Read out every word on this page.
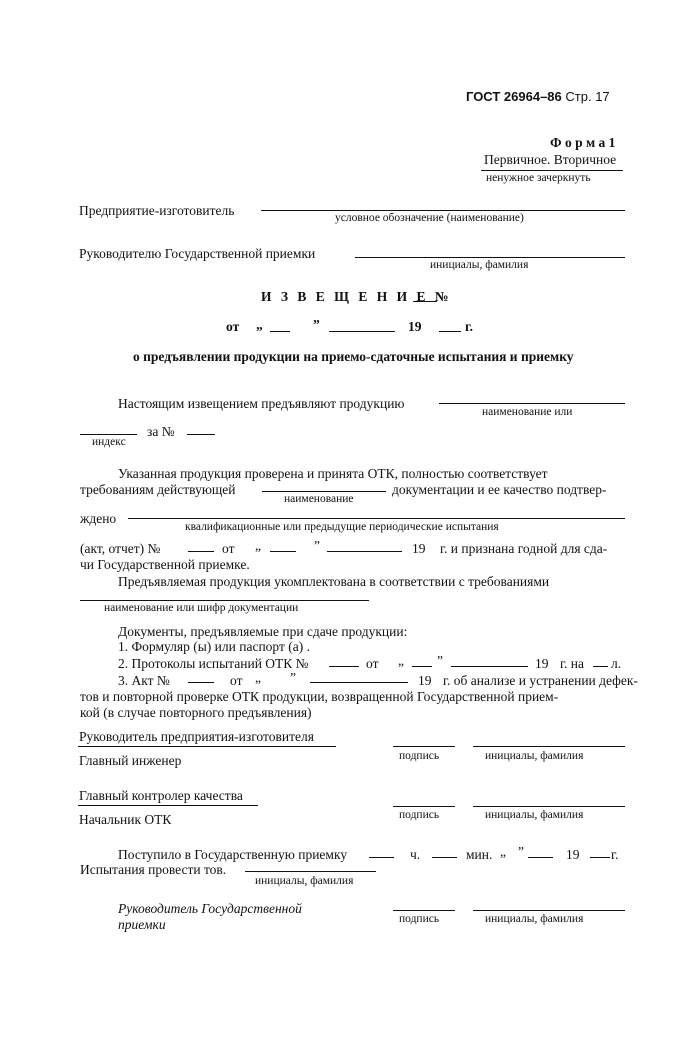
ГОСТ 26964–86 Стр. 17
Ф о р м а 1
Первичное. Вторичное
ненужное зачеркнуть
Предприятие-изготовитель	условное обозначение (наименование)
Руководителю Государственной приемки
инициалы, фамилия
И З В Е Щ Е Н И Е №
от „	”	19	г.
о предъявлении продукции на приемо-сдаточные испытания и приемку
Настоящим извещением предъявляют продукцию
наименование или
индекс
за №
Указанная продукция проверена и принята ОТК, полностью соответствует
требованиям действующей	документации и ее качество подтвер-
наименование
ждено
квалификационные или предыдущие периодические испытания
(акт, отчет) №	от „	”	19 г. и признана годной для сда-
чи Государственной приемке.
Предъявляемая продукция укомплектована в соответствии с требованиями
наименование или шифр документации
Документы, предъявляемые при сдаче продукции:
1. Формуляр (ы) или паспорт (а) .
2. Протоколы испытаний ОТК №	от „ ”	19 г. на л.
3. Акт №	от „ ”	19 г. об анализе и устранении дефек-
тов и повторной проверке ОТК продукции, возвращенной Государственной прием-
кой (в случае повторного предъявления)
Руководитель предприятия-изготовителя
подпись	инициалы, фамилия
Главный инженер
Главный контролер качества
подпись	инициалы, фамилия
Начальник ОТК
Поступило в Государственную приемку	ч.	мин. „ ”	19 г.
Испытания провести тов.
инициалы, фамилия
Руководитель Государственной
приемки	подпись	инициалы, фамилия
